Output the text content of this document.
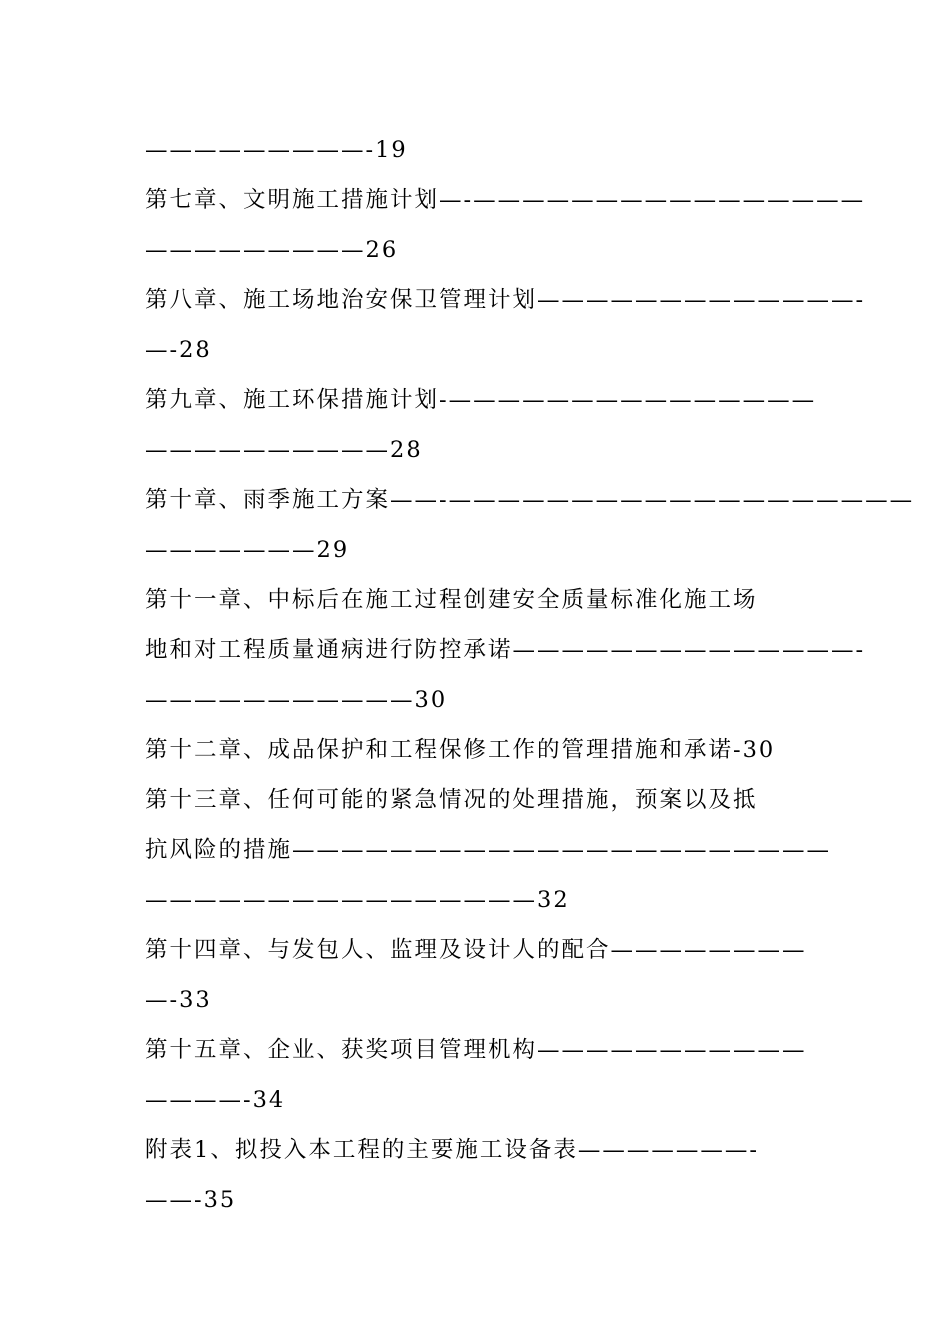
—————————-19
第七章、文明施工措施计划—-————————————————
—————————26
第八章、施工场地治安保卫管理计划—————————————-
—-28
第九章、施工环保措施计划-———————————————
——————————28
第十章、雨季施工方案——-———————————————————
———————29
第十一章、中标后在施工过程创建安全质量标准化施工场
地和对工程质量通病进行防控承诺——————————————-
———————————30
第十二章、成品保护和工程保修工作的管理措施和承诺-30
第十三章、任何可能的紧急情况的处理措施，预案以及抵
抗风险的措施——————————————————————
————————————————32
第十四章、与发包人、监理及设计人的配合————————
—-33
第十五章、企业、获奖项目管理机构———————————
————-34
附表1、拟投入本工程的主要施工设备表———————-
——-35
